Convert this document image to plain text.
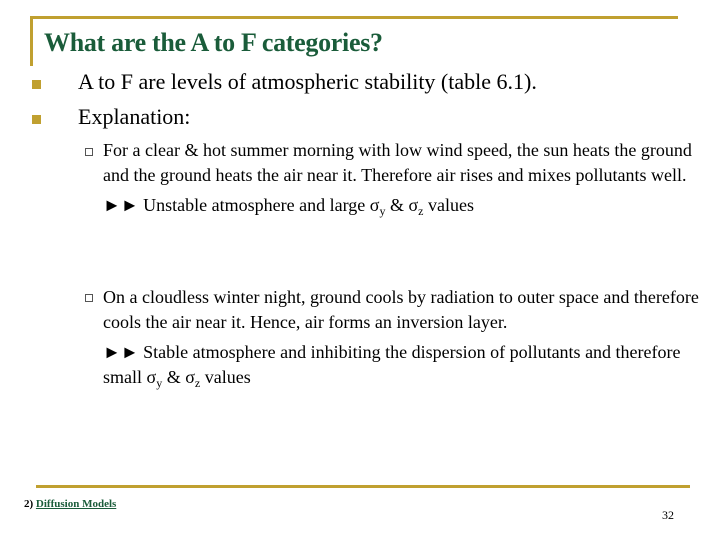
What are the A to F categories?
A to F are levels of atmospheric stability (table 6.1).
Explanation:
For a clear & hot summer morning with low wind speed, the sun heats the ground and the ground heats the air near it. Therefore air rises and mixes pollutants well.
►► Unstable atmosphere and large $\sigma_y$ & $\sigma_z$ values
On a cloudless winter night, ground cools by radiation to outer space and therefore cools the air near it. Hence, air forms an inversion layer.
►► Stable atmosphere and inhibiting the dispersion of pollutants and therefore small $\sigma_y$ & $\sigma_z$ values
2) Diffusion Models
32
